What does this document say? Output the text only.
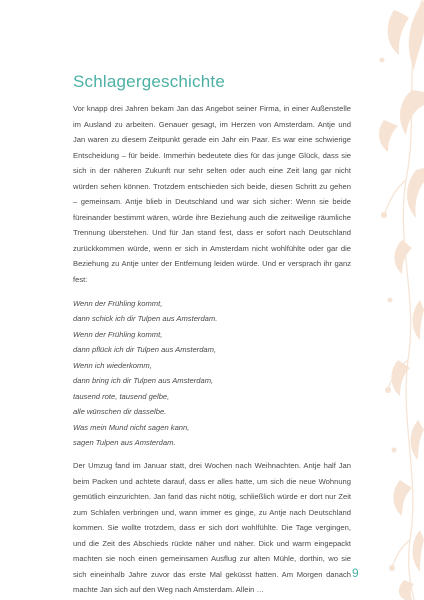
Schlagergeschichte

Vor knapp drei Jahren bekam Jan das Angebot seiner Firma, in einer Außenstelle im Ausland zu arbeiten. Genauer gesagt, im Herzen von Amsterdam. Antje und Jan waren zu diesem Zeitpunkt gerade ein Jahr ein Paar. Es war eine schwierige Entscheidung – für beide. Immerhin bedeutete dies für das junge Glück, dass sie sich in der näheren Zukunft nur sehr selten oder auch eine Zeit lang gar nicht würden sehen können. Trotzdem entschieden sich beide, diesen Schritt zu gehen – gemeinsam. Antje blieb in Deutschland und war sich sicher: Wenn sie beide füreinander bestimmt wären, würde ihre Beziehung auch die zeitweilige räumliche Trennung überstehen. Und für Jan stand fest, dass er sofort nach Deutschland zurückkommen würde, wenn er sich in Amsterdam nicht wohlfühlte oder gar die Beziehung zu Antje unter der Entfernung leiden würde. Und er versprach ihr ganz fest:

Wenn der Frühling kommt,
dann schick ich dir Tulpen aus Amsterdam.
Wenn der Frühling kommt,
dann pflück ich dir Tulpen aus Amsterdam,
Wenn ich wiederkomm,
dann bring ich dir Tulpen aus Amsterdam,
tausend rote, tausend gelbe,
alle wünschen dir dasselbe.
Was mein Mund nicht sagen kann,
sagen Tulpen aus Amsterdam.

Der Umzug fand im Januar statt, drei Wochen nach Weihnachten. Antje half Jan beim Packen und achtete darauf, dass er alles hatte, um sich die neue Wohnung gemütlich einzurichten. Jan fand das nicht nötig, schließlich würde er dort nur Zeit zum Schlafen verbringen und, wann immer es ginge, zu Antje nach Deutschland kommen. Sie wollte trotzdem, dass er sich dort wohlfühlte. Die Tage vergingen, und die Zeit des Abschieds rückte näher und näher. Dick und warm eingepackt machten sie noch einen gemeinsamen Ausflug zur alten Mühle, dorthin, wo sie sich eineinhalb Jahre zuvor das erste Mal geküsst hatten. Am Morgen danach machte Jan sich auf den Weg nach Amsterdam. Allein …

9
